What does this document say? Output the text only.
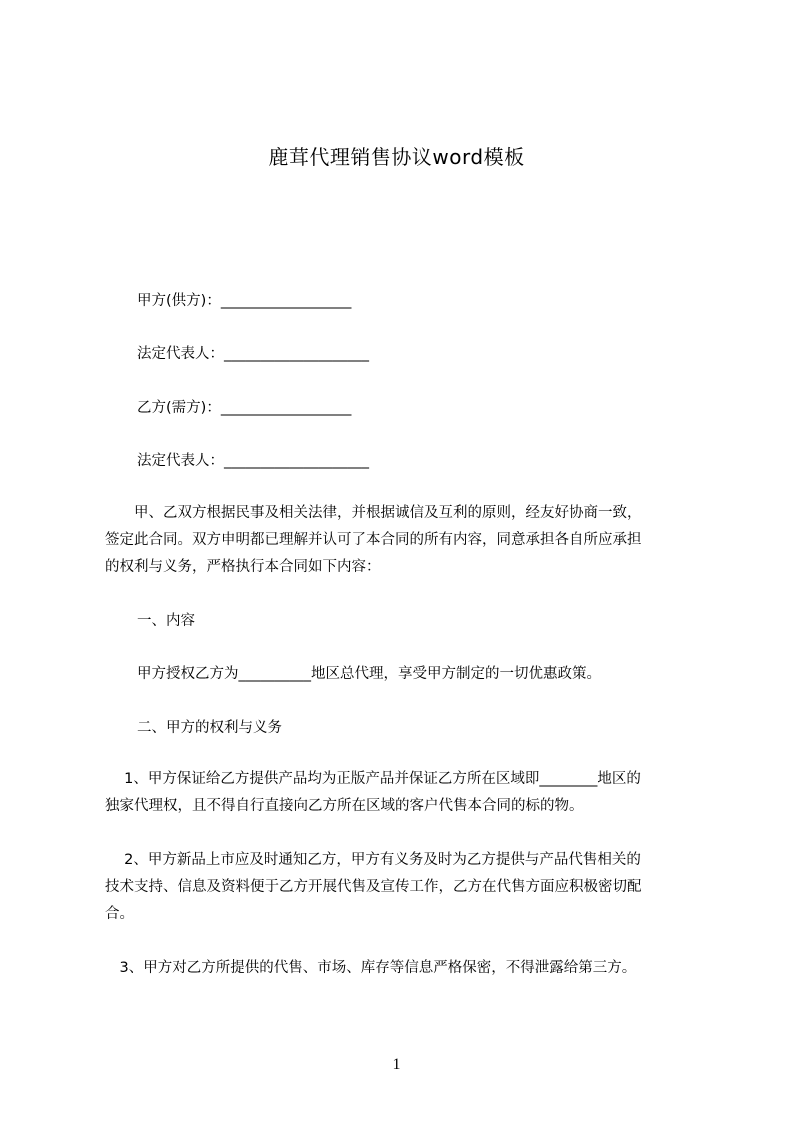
鹿茸代理销售协议word模板
甲方(供方)：__________________
法定代表人：____________________
乙方(需方)：__________________
法定代表人：____________________
　　甲、乙双方根据民事及相关法律，并根据诚信及互利的原则，经友好协商一致，
签定此合同。双方申明都已理解并认可了本合同的所有内容，同意承担各自所应承担
的权利与义务，严格执行本合同如下内容：
一、内容
甲方授权乙方为__________地区总代理，享受甲方制定的一切优惠政策。
二、甲方的权利与义务
　 1、甲方保证给乙方提供产品均为正版产品并保证乙方所在区域即________地区的
独家代理权，且不得自行直接向乙方所在区域的客户代售本合同的标的物。
　 2、甲方新品上市应及时通知乙方，甲方有义务及时为乙方提供与产品代售相关的
技术支持、信息及资料便于乙方开展代售及宣传工作，乙方在代售方面应积极密切配
合。
　3、甲方对乙方所提供的代售、市场、库存等信息严格保密，不得泄露给第三方。
1
